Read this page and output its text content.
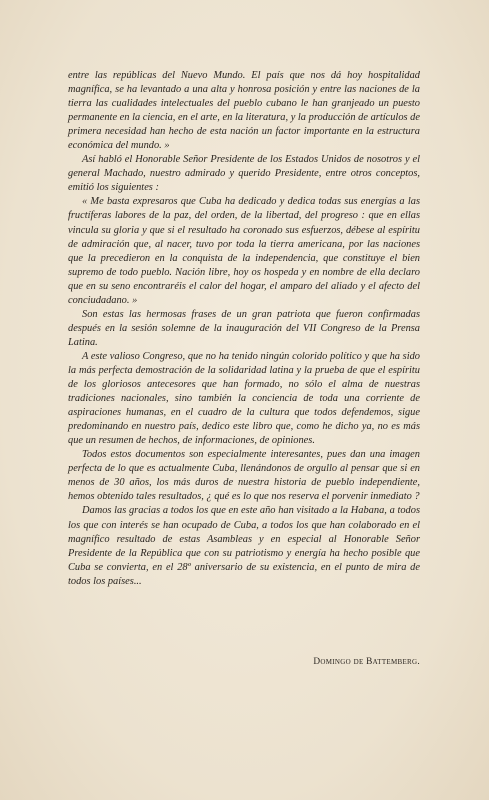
entre las repúblicas del Nuevo Mundo. El país que nos dá hoy hospitalidad magnífica, se ha levantado a una alta y honrosa posición y entre las naciones de la tierra las cualidades intelectuales del pueblo cubano le han granjeado un puesto permanente en la ciencia, en el arte, en la literatura, y la producción de artículos de primera necesidad han hecho de esta nación un factor importante en la estructura económica del mundo. »

Así habló el Honorable Señor Presidente de los Estados Unidos de nosotros y el general Machado, nuestro admirado y querido Presidente, entre otros conceptos, emitió los siguientes :

« Me basta expresaros que Cuba ha dedicado y dedica todas sus energías a las fructíferas labores de la paz, del orden, de la libertad, del progreso : que en ellas vincula su gloria y que si el resultado ha coronado sus esfuerzos, débese al espíritu de admiración que, al nacer, tuvo por toda la tierra americana, por las naciones que la precedieron en la conquista de la independencia, que constituye el bien supremo de todo pueblo. Nación libre, hoy os hospeda y en nombre de ella declaro que en su seno encontraréis el calor del hogar, el amparo del aliado y el afecto del conciudadano. »

Son estas las hermosas frases de un gran patriota que fueron confirmadas después en la sesión solemne de la inauguración del VII Congreso de la Prensa Latina.

A este valioso Congreso, que no ha tenido ningún colorido político y que ha sido la más perfecta demostración de la solidaridad latina y la prueba de que el espíritu de los gloriosos antecesores que han formado, no sólo el alma de nuestras tradiciones nacionales, sino también la conciencia de toda una corriente de aspiraciones humanas, en el cuadro de la cultura que todos defendemos, sigue predominando en nuestro país, dedico este libro que, como he dicho ya, no es más que un resumen de hechos, de informaciones, de opiniones.

Todos estos documentos son especialmente interesantes, pues dan una imagen perfecta de lo que es actualmente Cuba, llenándonos de orgullo al pensar que si en menos de 30 años, los más duros de nuestra historia de pueblo independiente, hemos obtenido tales resultados, ¿ qué es lo que nos reserva el porvenir inmediato ?

Damos las gracias a todos los que en este año han visitado a la Habana, a todos los que con interés se han ocupado de Cuba, a todos los que han colaborado en el magnífico resultado de estas Asambleas y en especial al Honorable Señor Presidente de la República que con su patriotismo y energía ha hecho posible que Cuba se convierta, en el 28º aniversario de su existencia, en el punto de mira de todos los países...

Domingo de Battemberg.
